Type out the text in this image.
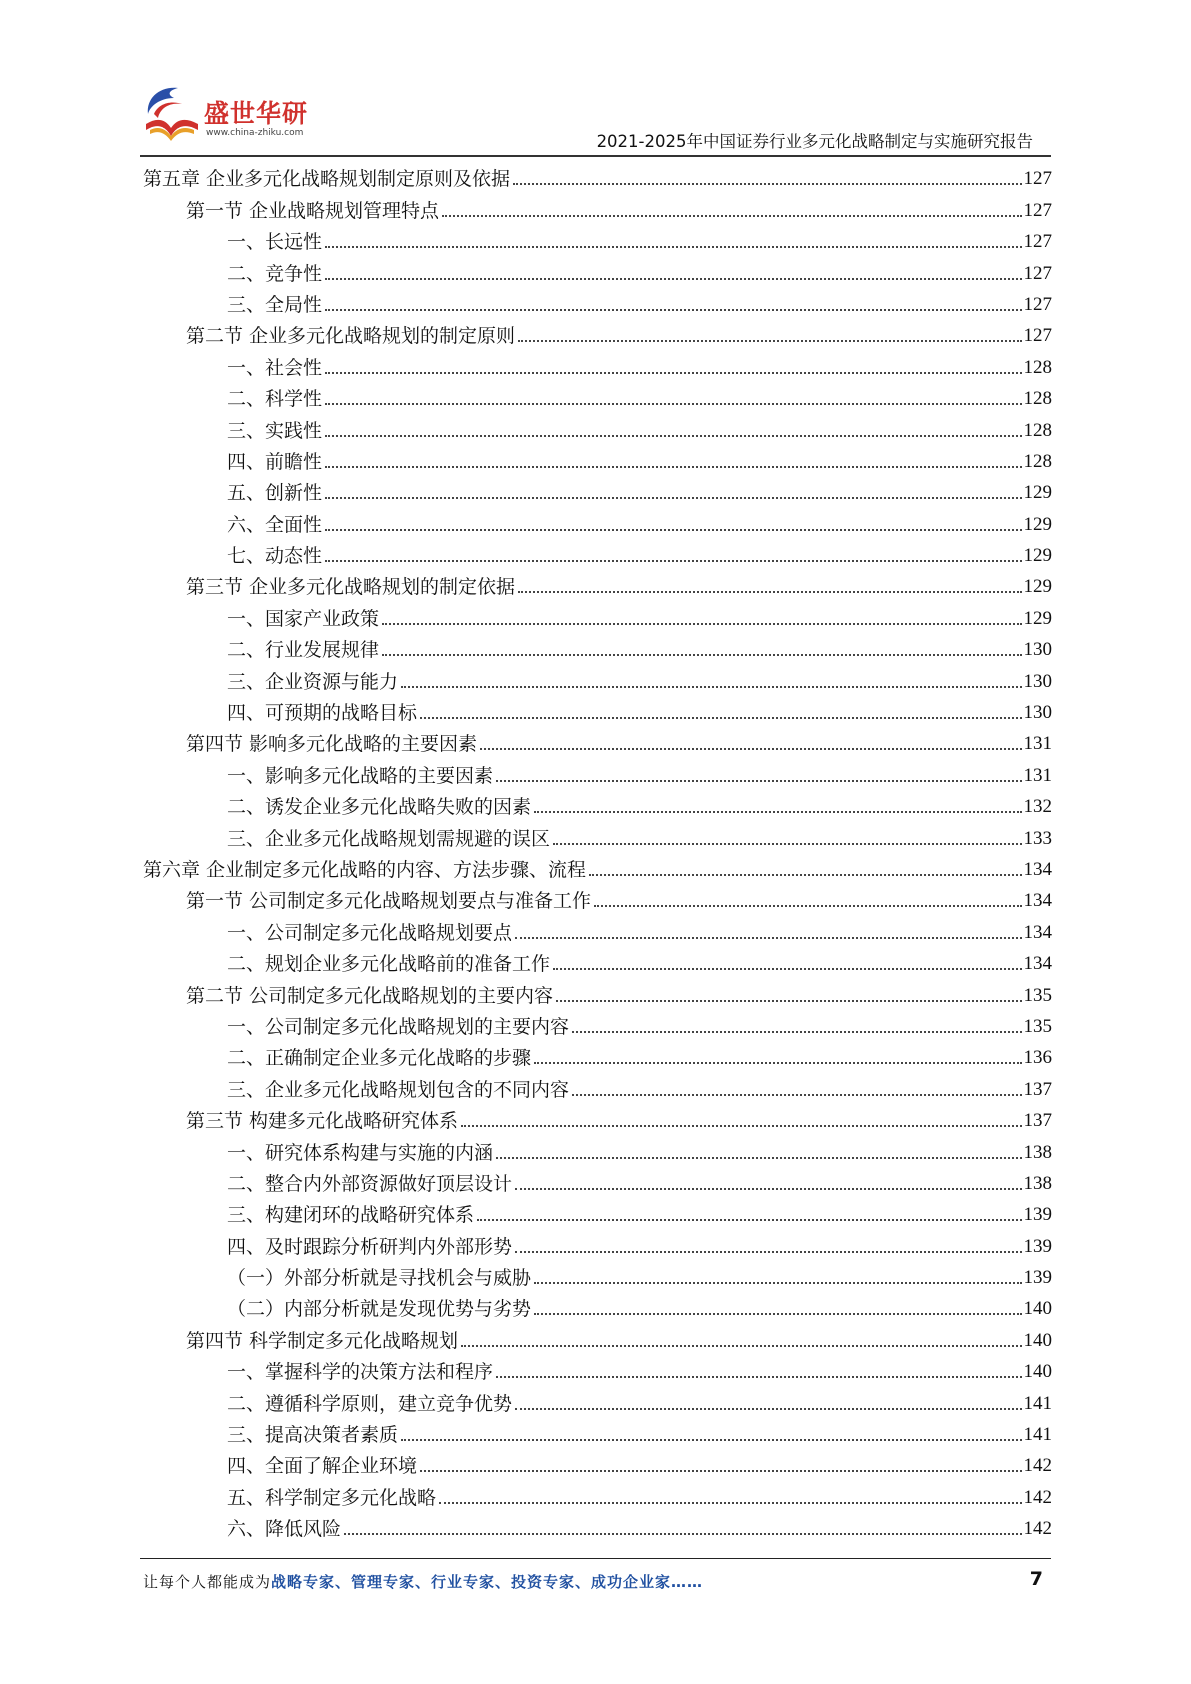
盛世华研
www.china-zhiku.com	2021-2025年中国证券行业多元化战略制定与实施研究报告
第五章 企业多元化战略规划制定原则及依据	127
第一节 企业战略规划管理特点	127
一、长远性	127
二、竞争性	127
三、全局性	127
第二节 企业多元化战略规划的制定原则	127
一、社会性	128
二、科学性	128
三、实践性	128
四、前瞻性	128
五、创新性	129
六、全面性	129
七、动态性	129
第三节 企业多元化战略规划的制定依据	129
一、国家产业政策	129
二、行业发展规律	130
三、企业资源与能力	130
四、可预期的战略目标	130
第四节 影响多元化战略的主要因素	131
一、影响多元化战略的主要因素	131
二、诱发企业多元化战略失败的因素	132
三、企业多元化战略规划需规避的误区	133
第六章 企业制定多元化战略的内容、方法步骤、流程	134
第一节 公司制定多元化战略规划要点与准备工作	134
一、公司制定多元化战略规划要点	134
二、规划企业多元化战略前的准备工作	134
第二节 公司制定多元化战略规划的主要内容	135
一、公司制定多元化战略规划的主要内容	135
二、正确制定企业多元化战略的步骤	136
三、企业多元化战略规划包含的不同内容	137
第三节 构建多元化战略研究体系	137
一、研究体系构建与实施的内涵	138
二、整合内外部资源做好顶层设计	138
三、构建闭环的战略研究体系	139
四、及时跟踪分析研判内外部形势	139
（一）外部分析就是寻找机会与威胁	139
（二）内部分析就是发现优势与劣势	140
第四节 科学制定多元化战略规划	140
一、掌握科学的决策方法和程序	140
二、遵循科学原则，建立竞争优势	141
三、提高决策者素质	141
四、全面了解企业环境	142
五、科学制定多元化战略	142
六、降低风险	142
让每个人都能成为战略专家、管理专家、行业专家、投资专家、成功企业家……	7
